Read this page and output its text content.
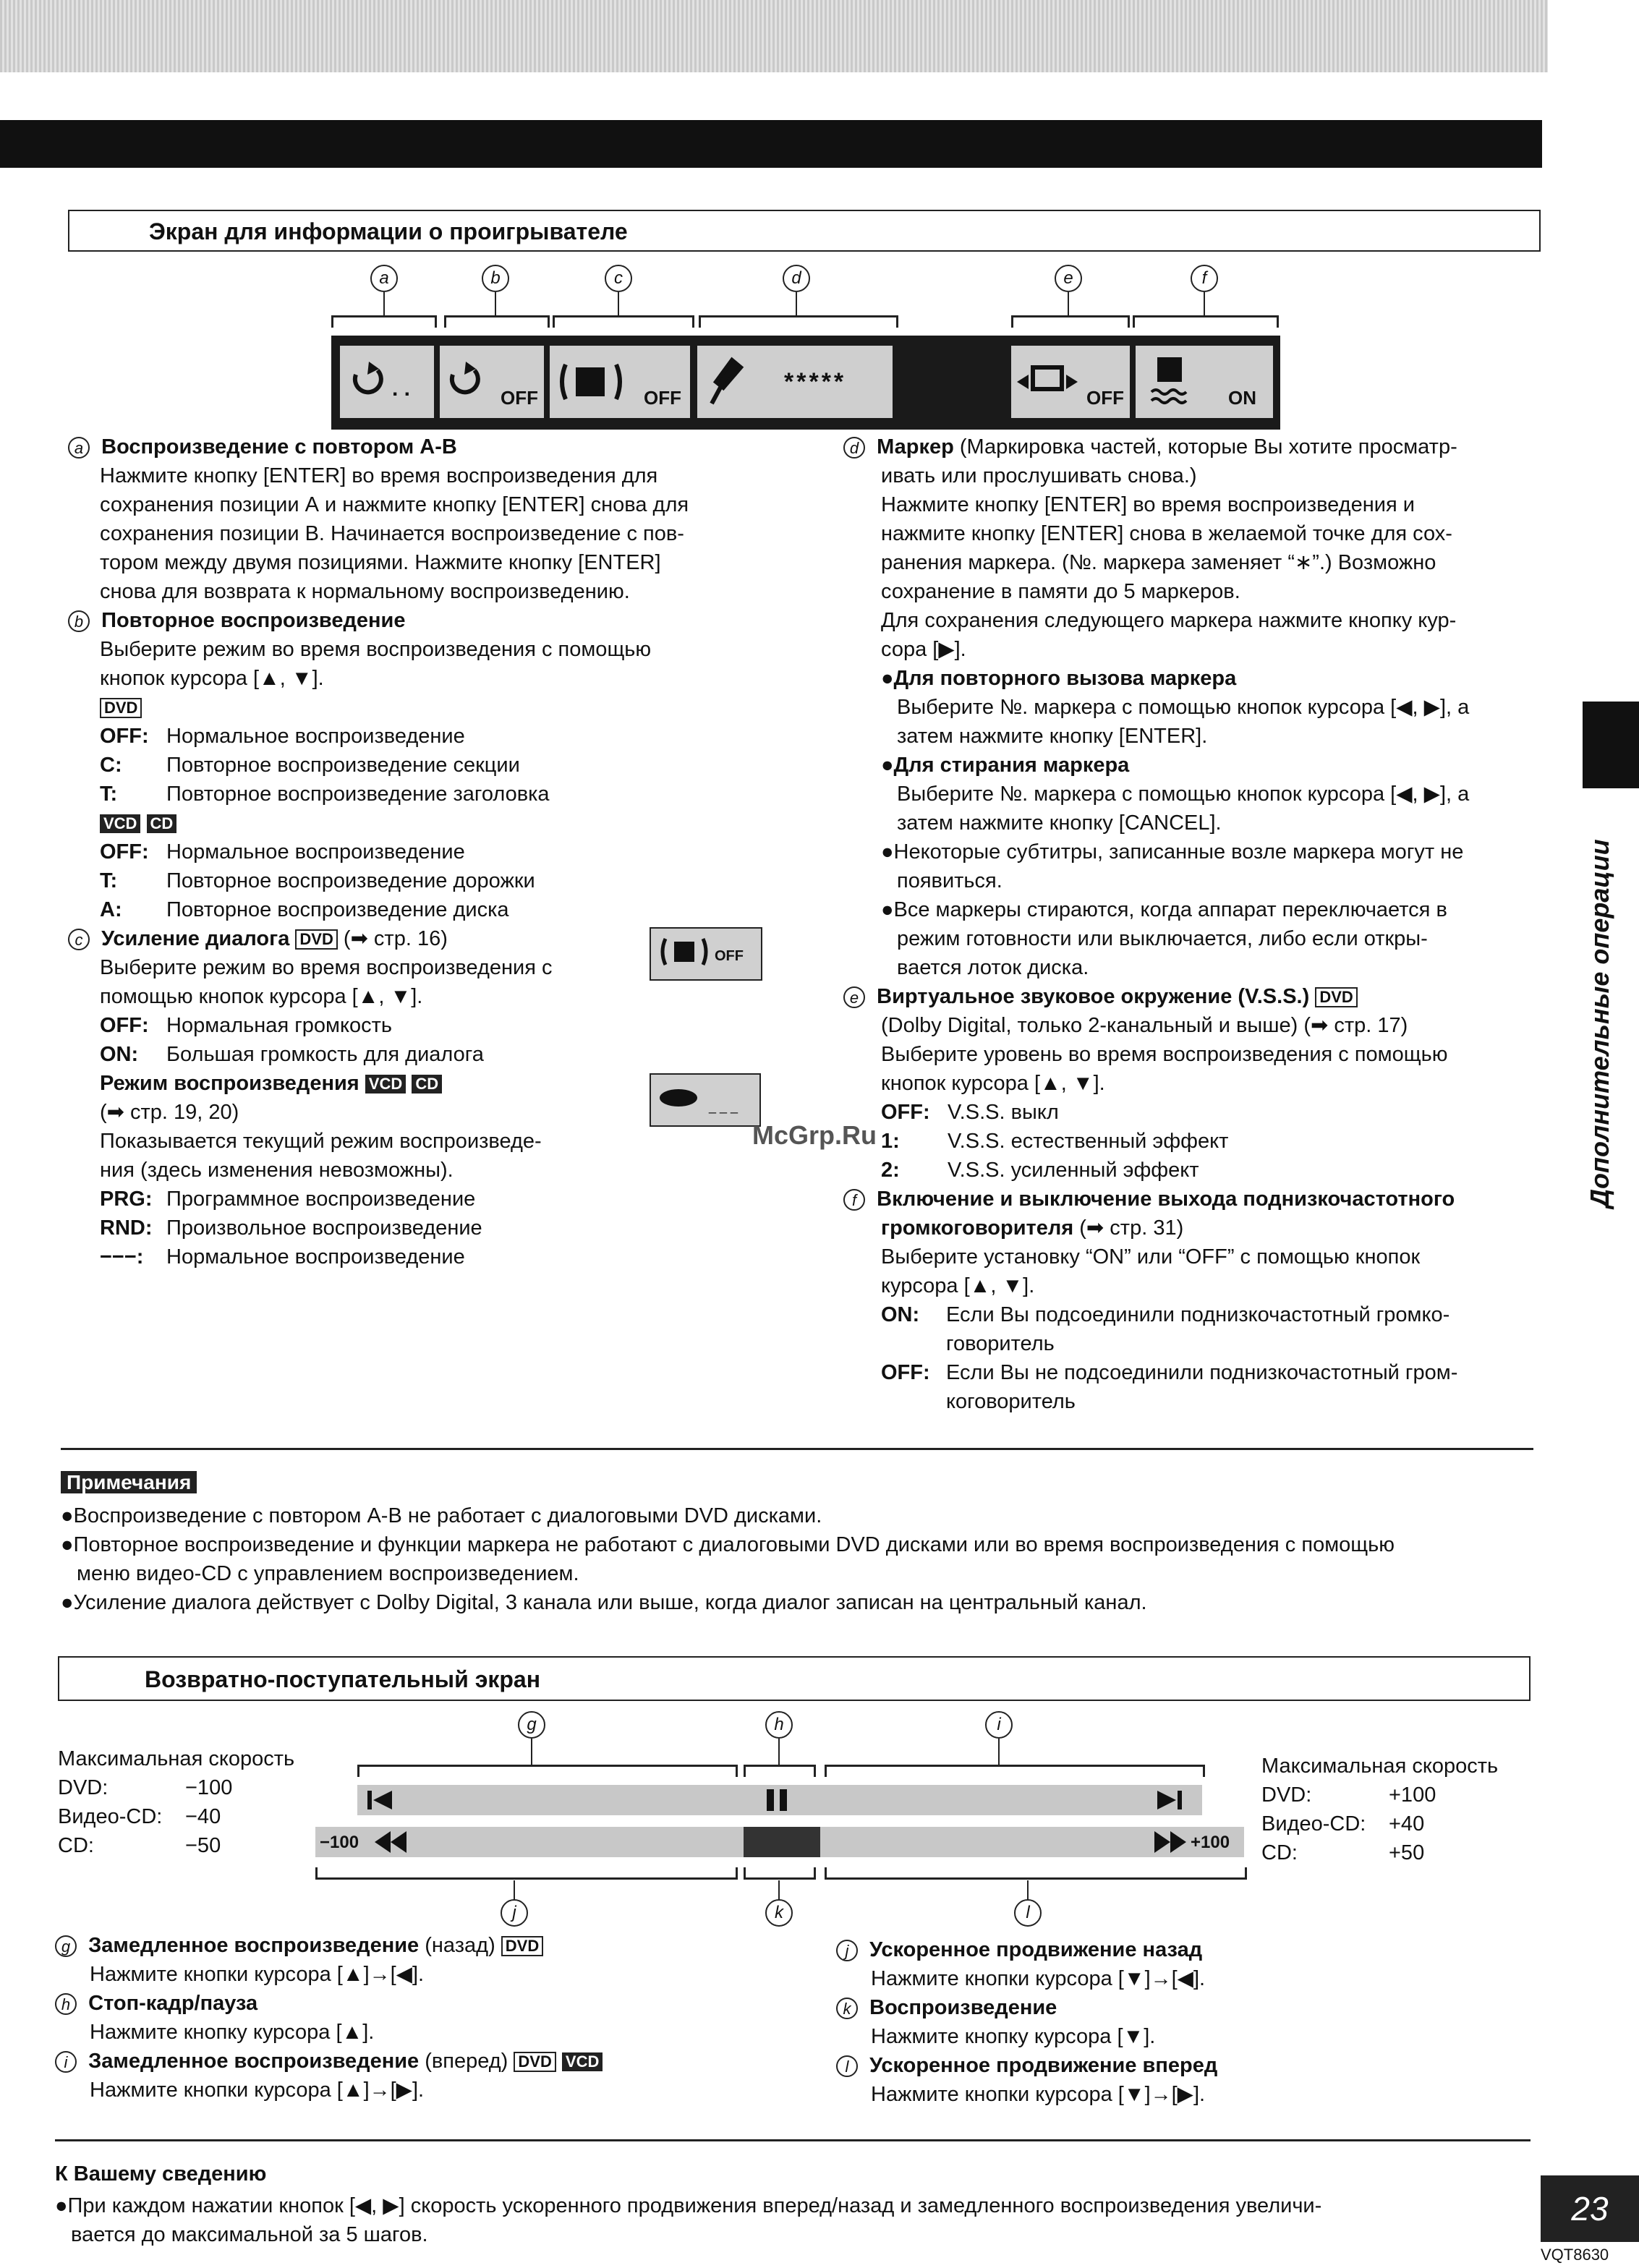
Экран для информации о проигрывателе
a	b	c	d	e	f
. .	OFF	OFF
*****
OFF	ON

a Воспроизведение с повтором А-В

Нажмите кнопку [ENTER] во время воспроизведения для

сохранения позиции А и нажмите кнопку [ENTER] снова для

сохранения позиции В. Начинается воспроизведение с пов-

тором между двумя позициями. Нажмите кнопку [ENTER]

снова для возврата к нормальному воспроизведению.

b Повторное воспроизведение

Выберите режим во время воспроизведения с помощью

кнопок курсора [▲, ▼].

DVD

OFF: Нормальное воспроизведение

C: Повторное воспроизведение секции

T: Повторное воспроизведение заголовка

VCD CD

OFF: Нормальное воспроизведение

T: Повторное воспроизведение дорожки

A: Повторное воспроизведение диска

c Усиление диалога DVD (➡ стр. 16)

Выберите режим во время воспроизведения с

помощью кнопок курсора [▲, ▼].

OFF: Нормальная громкость

ON: Большая громкость для диалога

Режим воспроизведения VCD CD

(➡ стр. 19, 20)

Показывается текущий режим воспроизведе-

ния (здесь изменения невозможны).

PRG: Программное воспроизведение

RND: Произвольное воспроизведение

−−−: Нормальное воспроизведение

OFF
_ _ _

d Маркер (Маркировка частей, которые Вы хотите просматр-

ивать или прослушивать снова.)

Нажмите кнопку [ENTER] во время воспроизведения и

нажмите кнопку [ENTER] снова в желаемой точке для сох-

ранения маркера. (№. маркера заменяет “∗”.) Возможно

сохранение в памяти до 5 маркеров.

Для сохранения следующего маркера нажмите кнопку кур-

сора [▶].

●Для повторного вызова маркера

Выберите №. маркера с помощью кнопок курсора [◀, ▶], а

затем нажмите кнопку [ENTER].

●Для стирания маркера

Выберите №. маркера с помощью кнопок курсора [◀, ▶], а

затем нажмите кнопку [CANCEL].

●Некоторые субтитры, записанные возле маркера могут не

появиться.

●Все маркеры стираются, когда аппарат переключается в

режим готовности или выключается, либо если откры-

вается лоток диска.

e Виртуальное звуковое окружение (V.S.S.) DVD

(Dolby Digital, только 2-канальный и выше) (➡ стр. 17)

Выберите уровень во время воспроизведения с помощью

кнопок курсора [▲, ▼].

OFF: V.S.S. выкл

1: V.S.S. естественный эффект

2: V.S.S. усиленный эффект

f Включение и выключение выхода поднизкочастотного

громкоговорителя (➡ стр. 31)

Выберите установку “ON” или “OFF” с помощью кнопок

курсора [▲, ▼].

ON: Если Вы подсоединили поднизкочастотный громко-

говоритель

OFF: Если Вы не подсоединили поднизкочастотный гром-

коговоритель

McGrp.Ru	Дополнительные операции
Примечания

●Воспроизведение с повтором А-В не работает с диалоговыми DVD дисками.

●Повторное воспроизведение и функции маркера не работают с диалоговыми DVD дисками или во время воспроизведения с помощью

меню видео-CD с управлением воспроизведением.

●Усиление диалога действует с Dolby Digital, 3 канала или выше, когда диалог записан на центральный канал.

Возвратно-поступательный экран

Максимальная скорость

DVD:	−100

Видео-CD: −40

CD:	−50

Максимальная скорость

DVD:	+100

Видео-CD: +40

CD:	+50

g	h	i
−100	+100
j	k	l

g Замедленное воспроизведение (назад) DVD

Нажмите кнопки курсора [▲]→[◀].

h Стоп-кадр/пауза

Нажмите кнопку курсора [▲].

i Замедленное воспроизведение (вперед) DVD VCD

Нажмите кнопки курсора [▲]→[▶].

j Ускоренное продвижение назад

Нажмите кнопки курсора [▼]→[◀].

k Воспроизведение

Нажмите кнопку курсора [▼].

l Ускоренное продвижение вперед

Нажмите кнопки курсора [▼]→[▶].

К Вашему сведению

●При каждом нажатии кнопок [◀, ▶] скорость ускоренного продвижения вперед/назад и замедленного воспроизведения увеличи-

вается до максимальной за 5 шагов.

23
VQT8630
